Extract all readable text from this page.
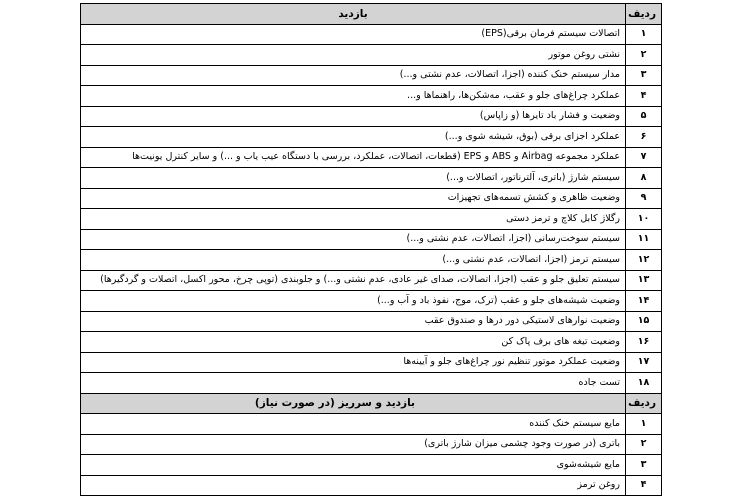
ردیف	بازدید
۱	اتصالات سیستم فرمان برقی(EPS)
۲	نشتی روغن موتور
۳	مدار سیستم خنک کننده (اجزا، اتصالات، عدم نشتی و...)
۴	عملکرد چراغ‌های جلو و عقب، مه‌شکن‌ها، راهنماها و...
۵	وضعیت و فشار باد تایرها (و زاپاس)
۶	عملکرد اجزای برقی (بوق، شیشه شوی و...)
۷	عملکرد مجموعه Airbag و ABS و EPS (قطعات، اتصالات، عملکرد، بررسی با دستگاه عیب یاب و ...) و سایر کنترل یونیت‌ها
۸	سیستم شارژ (باتری، آلترناتور، اتصالات و...)
۹	وضعیت ظاهری و کشش تسمه‌های تجهیزات
۱۰	رگلاژ کابل کلاچ و ترمز دستی
۱۱	سیستم سوخت‌رسانی (اجزا، اتصالات، عدم نشتی و...)
۱۲	سیستم ترمز (اجزا، اتصالات، عدم نشتی و...)
۱۳	سیستم تعلیق جلو و عقب (اجزا، اتصالات، صدای غیر عادی، عدم نشتی و...) و جلوبندی (توپی چرخ، محور اکسل، اتصلات و گردگیرها)
۱۴	وضعیت شیشه‌های جلو و عقب (ترک، موج، نفوذ باد و آب و...)
۱۵	وضعیت نوارهای لاستیکی دور درها و صندوق عقب
۱۶	وضعیت تیغه های برف پاک کن
۱۷	وضعیت عملکرد موتور تنظیم نور چراغ‌های جلو و آیینه‌ها
۱۸	تست جاده
ردیف	بازدید و سرریز (در صورت نیاز)
۱	مایع سیستم خنک کننده
۲	باتری (در صورت وجود چشمی میزان شارژ باتری)
۳	مایع شیشه‌شوی
۴	روغن ترمز
